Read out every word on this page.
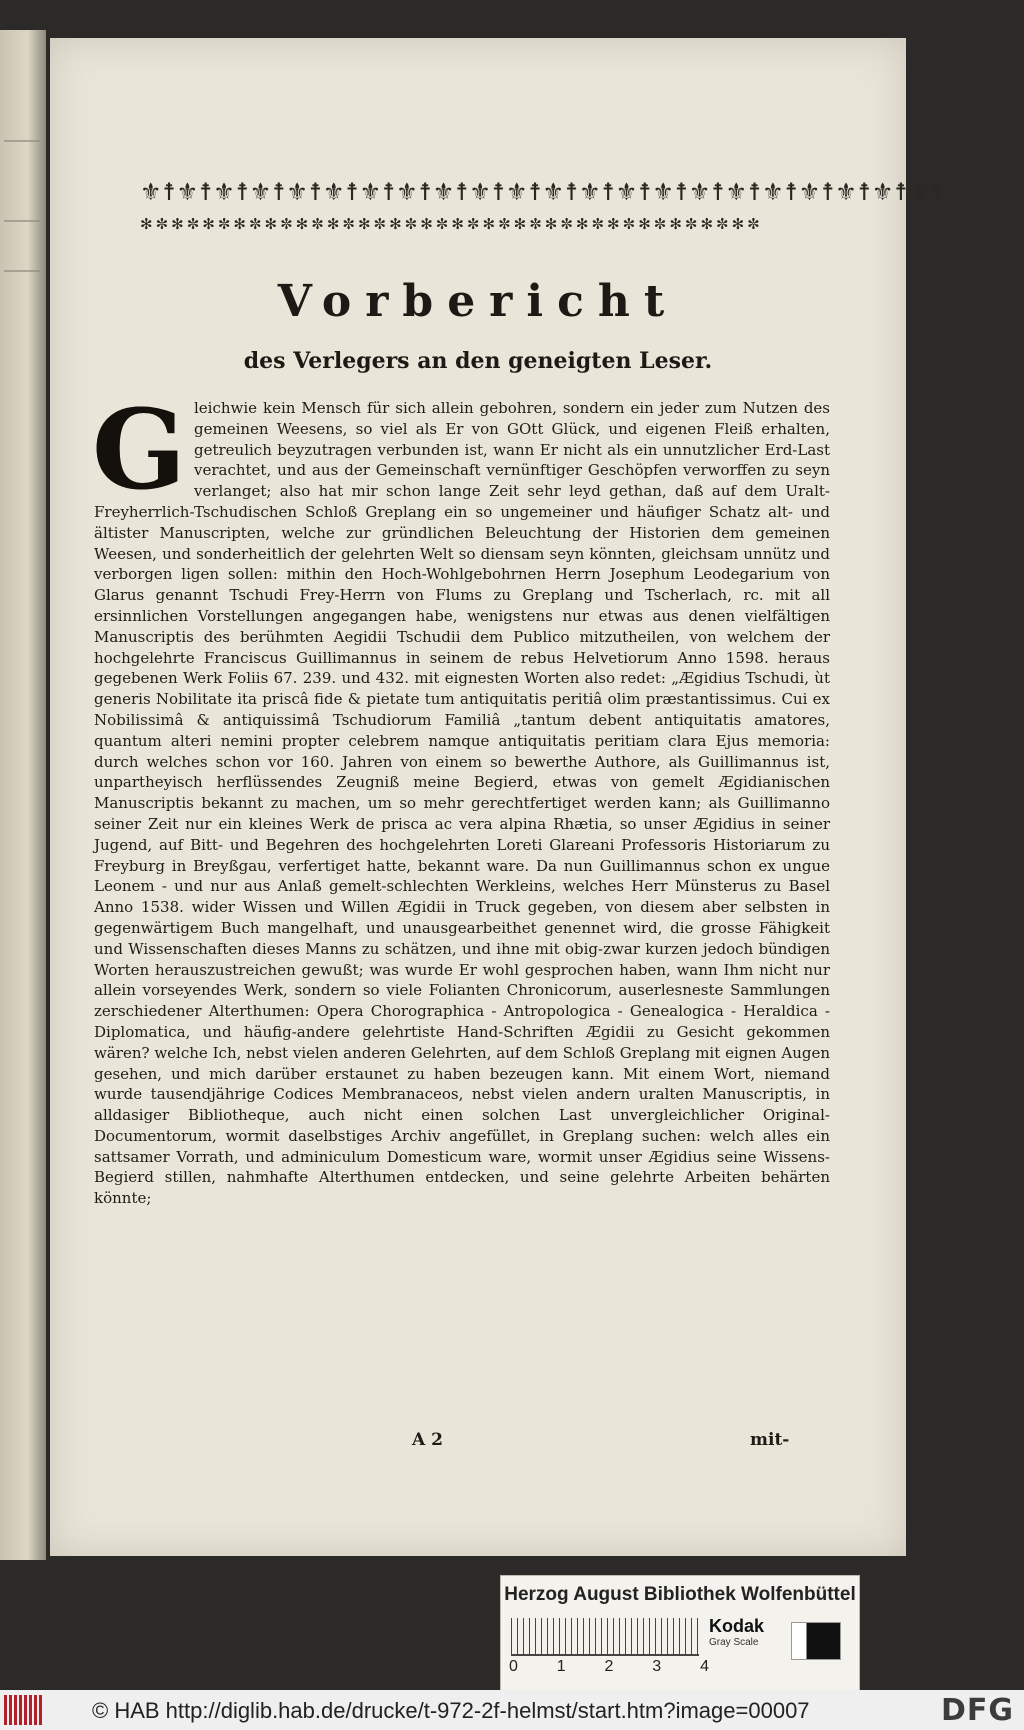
⚜☨⚜☨⚜☨⚜☨⚜☨⚜☨⚜☨⚜☨⚜☨⚜☨⚜☨⚜☨⚜☨⚜☨⚜☨⚜☨⚜☨⚜☨⚜☨⚜☨⚜☨⚜☨
✻✼✻✼✻✼✻✼✻✼✻✼✻✼✻✼✻✼✻✼✻✼✻✼✻✼✻✼✻✼✻✼✻✼✻✼✻✼✻✼
Vorbericht
des Verlegers an den geneigten Leser.
G leichwie kein Mensch für sich allein gebohren, sondern ein jeder zum Nutzen des gemeinen Weesens, so viel als Er von GOtt Glück, und eigenen Fleiß erhalten, getreulich beyzutragen verbunden ist, wann Er nicht als ein unnutzlicher Erd-Last verachtet, und aus der Gemeinschaft vernünftiger Geschöpfen verworffen zu seyn verlanget; also hat mir schon lange Zeit sehr leyd gethan, daß auf dem Uralt-Freyherrlich-Tschudischen Schloß Greplang ein so ungemeiner und häufiger Schatz alt- und ältister Manuscripten, welche zur gründlichen Beleuchtung der Historien dem gemeinen Weesen, und sonderheitlich der gelehrten Welt so diensam seyn könnten, gleichsam unnütz und verborgen ligen sollen: mithin den Hoch-Wohlgebohrnen Herrn Josephum Leodegarium von Glarus genannt Tschudi Frey-Herrn von Flums zu Greplang und Tscherlach, rc. mit all ersinnlichen Vorstellungen angegangen habe, wenigstens nur etwas aus denen vielfältigen Manuscriptis des berühmten Aegidii Tschudii dem Publico mitzutheilen, von welchem der hochgelehrte Franciscus Guillimannus in seinem de rebus Helvetiorum Anno 1598. heraus gegebenen Werk Foliis 67. 239. und 432. mit eignesten Worten also redet: „Ægidius Tschudi, ùt generis Nobilitate ita priscâ fide & pietate tum antiquitatis peritiâ olim præstantissimus. Cui ex Nobilissimâ & antiquissimâ Tschudiorum Familiâ „tantum debent antiquitatis amatores, quantum alteri nemini propter celebrem namque antiquitatis peritiam clara Ejus memoria: durch welches schon vor 160. Jahren von einem so bewerthe Authore, als Guillimannus ist, unpartheyisch herflüssendes Zeugniß meine Begierd, etwas von gemelt Ægidianischen Manuscriptis bekannt zu machen, um so mehr gerechtfertiget werden kann; als Guillimanno seiner Zeit nur ein kleines Werk de prisca ac vera alpina Rhætia, so unser Ægidius in seiner Jugend, auf Bitt- und Begehren des hochgelehrten Loreti Glareani Professoris Historiarum zu Freyburg in Breyßgau, verfertiget hatte, bekannt ware. Da nun Guillimannus schon ex ungue Leonem - und nur aus Anlaß gemelt-schlechten Werkleins, welches Herr Münsterus zu Basel Anno 1538. wider Wissen und Willen Ægidii in Truck gegeben, von diesem aber selbsten in gegenwärtigem Buch mangelhaft, und unausgearbeithet genennet wird, die grosse Fähigkeit und Wissenschaften dieses Manns zu schätzen, und ihne mit obig-zwar kurzen jedoch bündigen Worten herauszustreichen gewußt; was wurde Er wohl gesprochen haben, wann Ihm nicht nur allein vorseyendes Werk, sondern so viele Folianten Chronicorum, auserlesneste Sammlungen zerschiedener Alterthumen: Opera Chorographica - Antropologica - Genealogica - Heraldica - Diplomatica, und häufig-andere gelehrtiste Hand-Schriften Ægidii zu Gesicht gekommen wären? welche Ich, nebst vielen anderen Gelehrten, auf dem Schloß Greplang mit eignen Augen gesehen, und mich darüber erstaunet zu haben bezeugen kann. Mit einem Wort, niemand wurde tausendjährige Codices Membranaceos, nebst vielen andern uralten Manuscriptis, in alldasiger Bibliotheque, auch nicht einen solchen Last unvergleichlicher Original-Documentorum, wormit daselbstiges Archiv angefüllet, in Greplang suchen: welch alles ein sattsamer Vorrath, und adminiculum Domesticum ware, wormit unser Ægidius seine Wissens-Begierd stillen, nahmhafte Alterthumen entdecken, und seine gelehrte Arbeiten behärten könnte;
A 2	mit-
Herzog August Bibliothek Wolfenbüttel
0 1 2 3 4
Kodak
Gray Scale
© HAB http://diglib.hab.de/drucke/t-972-2f-helmst/start.htm?image=00007	DFG
